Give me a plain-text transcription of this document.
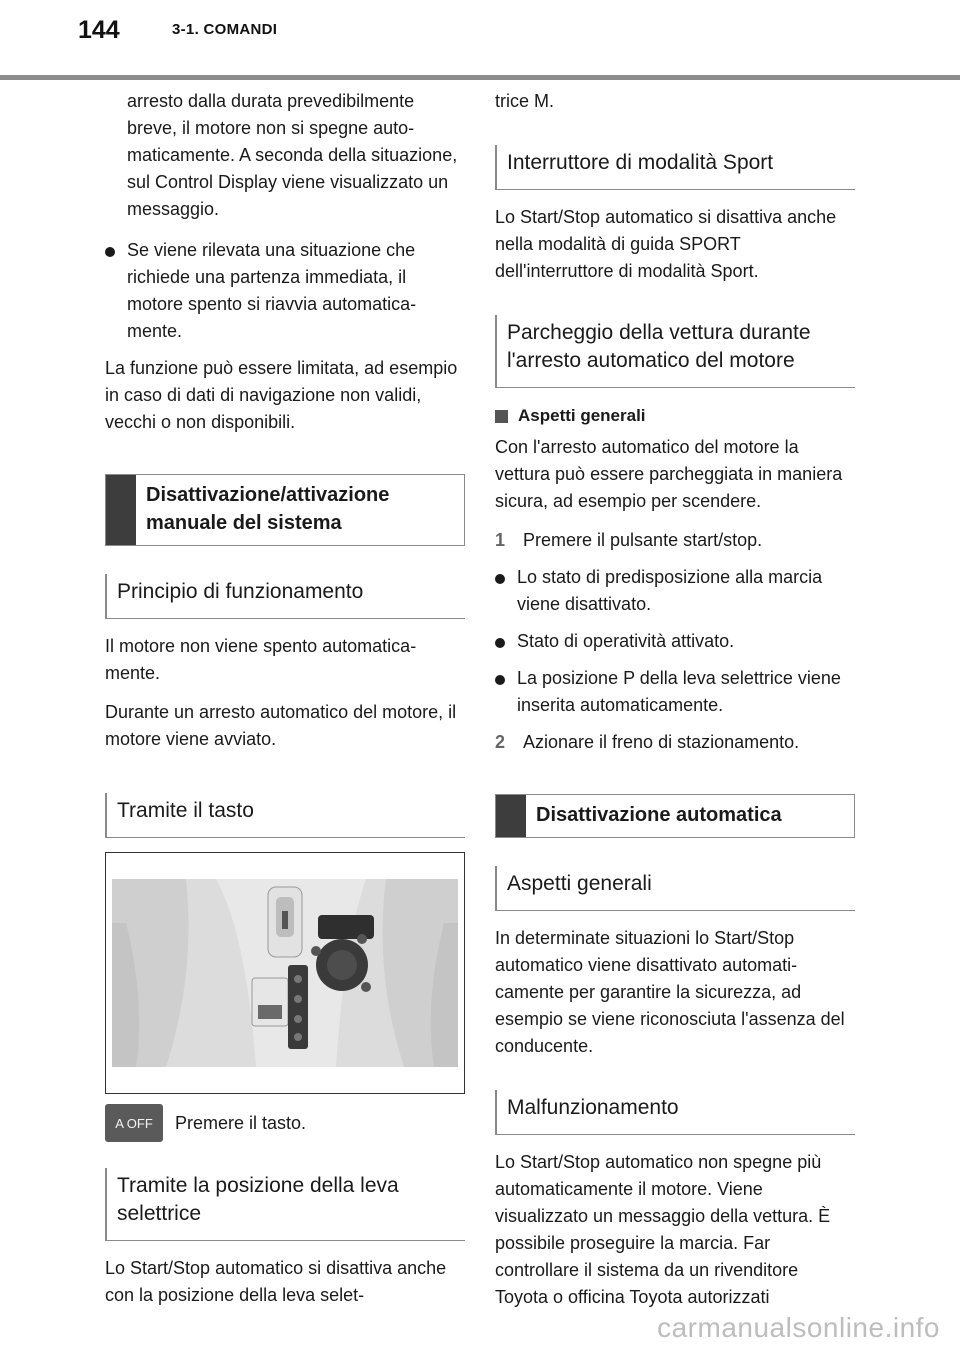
144	3-1. COMANDI

arresto dalla durata prevedibilmente breve, il motore non si spegne automaticamente. A seconda della situazione, sul Control Display viene visualizzato un messaggio.

Se viene rilevata una situazione che richiede una partenza immediata, il motore spento si riavvia automaticamente.

La funzione può essere limitata, ad esempio in caso di dati di navigazione non validi, vecchi o non disponibili.

Disattivazione/attivazione manuale del sistema
Principio di funzionamento

Il motore non viene spento automaticamente.

Durante un arresto automatico del motore, il motore viene avviato.

Tramite il tasto
A OFF	Premere il tasto.

Tramite la posizione della leva selettrice

Lo Start/Stop automatico si disattiva anche con la posizione della leva selet-

trice M.

Interruttore di modalità Sport

Lo Start/Stop automatico si disattiva anche nella modalità di guida SPORT dell'interruttore di modalità Sport.

Parcheggio della vettura durante l'arresto automatico del motore
Aspetti generali

Con l'arresto automatico del motore la vettura può essere parcheggiata in maniera sicura, ad esempio per scendere.

1 Premere il pulsante start/stop.

Lo stato di predisposizione alla marcia viene disattivato.

Stato di operatività attivato.

La posizione P della leva selettrice viene inserita automaticamente.

2 Azionare il freno di stazionamento.
Disattivazione automatica
Aspetti generali

In determinate situazioni lo Start/Stop automatico viene disattivato automaticamente per garantire la sicurezza, ad esempio se viene riconosciuta l'assenza del conducente.

Malfunzionamento

Lo Start/Stop automatico non spegne più automaticamente il motore. Viene visualizzato un messaggio della vettura. È possibile proseguire la marcia. Far controllare il sistema da un rivenditore Toyota o officina Toyota autorizzati

carmanualsonline.info
